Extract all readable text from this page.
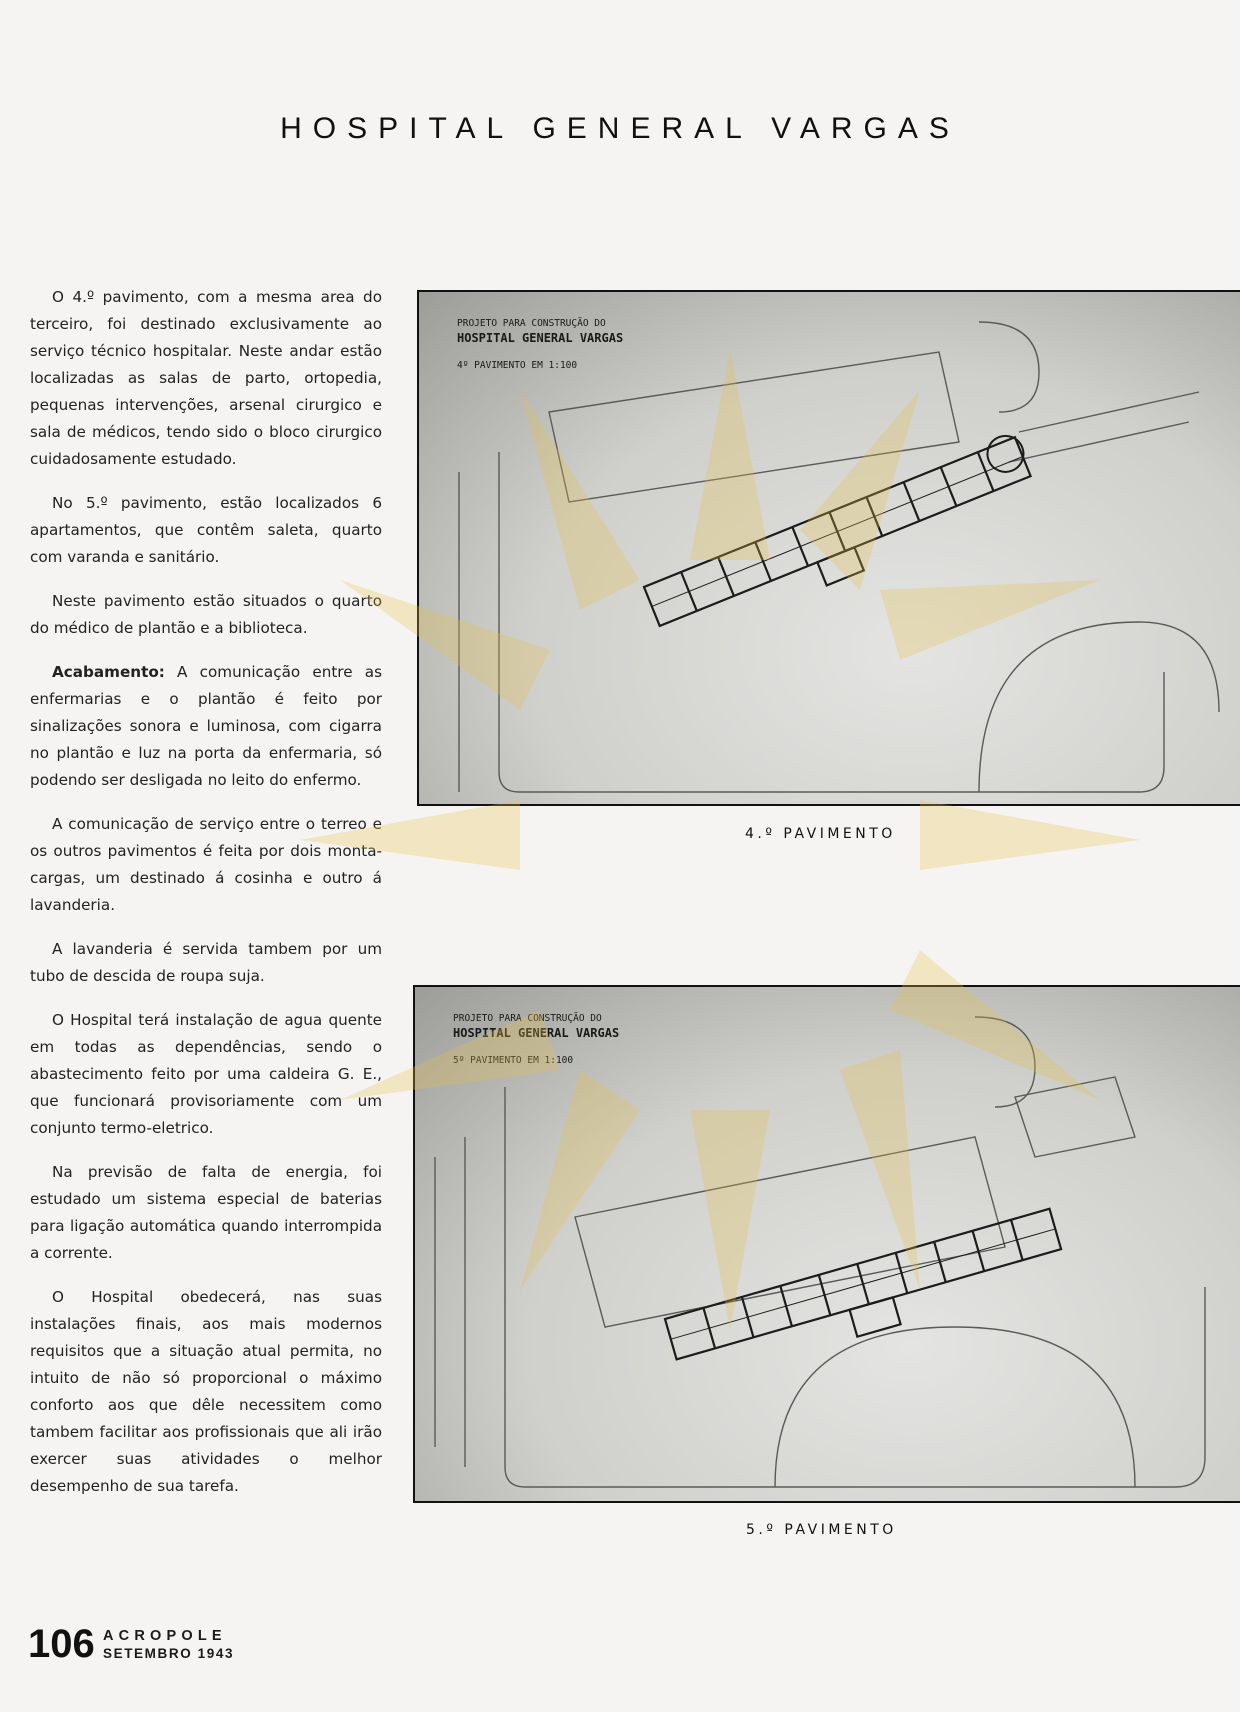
HOSPITAL GENERAL VARGAS

O 4.º pavimento, com a mesma area do terceiro, foi destinado exclusivamente ao serviço técnico hospitalar. Neste andar estão localizadas as salas de parto, ortopedia, pequenas intervenções, arsenal cirurgico e sala de médicos, tendo sido o bloco cirurgico cuidadosamente estudado.

No 5.º pavimento, estão localizados 6 apartamentos, que contêm saleta, quarto com varanda e sanitário.

Neste pavimento estão situados o quarto do médico de plantão e a biblioteca.

Acabamento: A comunicação entre as enfermarias e o plantão é feito por sinalizações sonora e luminosa, com cigarra no plantão e luz na porta da enfermaria, só podendo ser desligada no leito do enfermo.

A comunicação de serviço entre o terreo e os outros pavimentos é feita por dois monta-cargas, um destinado á cosinha e outro á lavanderia.

A lavanderia é servida tambem por um tubo de descida de roupa suja.

O Hospital terá instalação de agua quente em todas as dependências, sendo o abastecimento feito por uma caldeira G. E., que funcionará provisoriamente com um conjunto termo-eletrico.

Na previsão de falta de energia, foi estudado um sistema especial de baterias para ligação automática quando interrompida a corrente.

O Hospital obedecerá, nas suas instalações finais, aos mais modernos requisitos que a situação atual permita, no intuito de não só proporcional o máximo conforto aos que dêle necessitem como tambem facilitar aos profissionais que ali irão exercer suas atividades o melhor desempenho de sua tarefa.

PROJETO PARA CONSTRUÇÃO DO
HOSPITAL GENERAL VARGAS
4º PAVIMENTO EM 1:100
4.º PAVIMENTO
PROJETO PARA CONSTRUÇÃO DO
HOSPITAL GENERAL VARGAS
5º PAVIMENTO EM 1:100
5.º PAVIMENTO
106 ACROPOLE
SETEMBRO 1943
